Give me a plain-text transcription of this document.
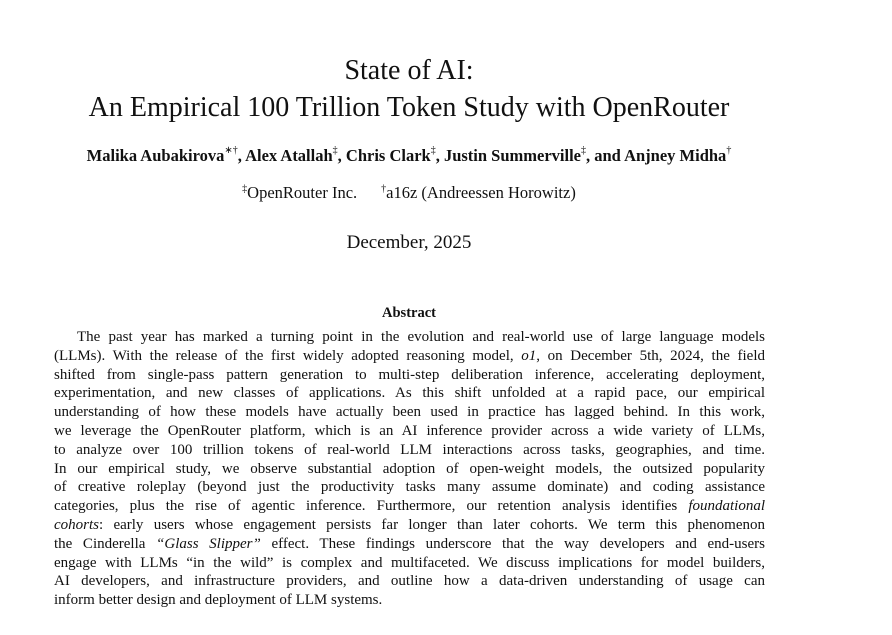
State of AI:
An Empirical 100 Trillion Token Study with OpenRouter
Malika Aubakirova∗†, Alex Atallah‡, Chris Clark‡, Justin Summerville‡, and Anjney Midha†
‡OpenRouter Inc. †a16z (Andreessen Horowitz)
December, 2025
Abstract
The past year has marked a turning point in the evolution and real-world use of large language models
(LLMs). With the release of the first widely adopted reasoning model, o1, on December 5th, 2024, the field
shifted from single-pass pattern generation to multi-step deliberation inference, accelerating deployment,
experimentation, and new classes of applications. As this shift unfolded at a rapid pace, our empirical
understanding of how these models have actually been used in practice has lagged behind. In this work,
we leverage the OpenRouter platform, which is an AI inference provider across a wide variety of LLMs,
to analyze over 100 trillion tokens of real-world LLM interactions across tasks, geographies, and time.
In our empirical study, we observe substantial adoption of open-weight models, the outsized popularity
of creative roleplay (beyond just the productivity tasks many assume dominate) and coding assistance
categories, plus the rise of agentic inference. Furthermore, our retention analysis identifies foundational
cohorts: early users whose engagement persists far longer than later cohorts. We term this phenomenon
the Cinderella “Glass Slipper” effect. These findings underscore that the way developers and end-users
engage with LLMs “in the wild” is complex and multifaceted. We discuss implications for model builders,
AI developers, and infrastructure providers, and outline how a data-driven understanding of usage can
inform better design and deployment of LLM systems.
